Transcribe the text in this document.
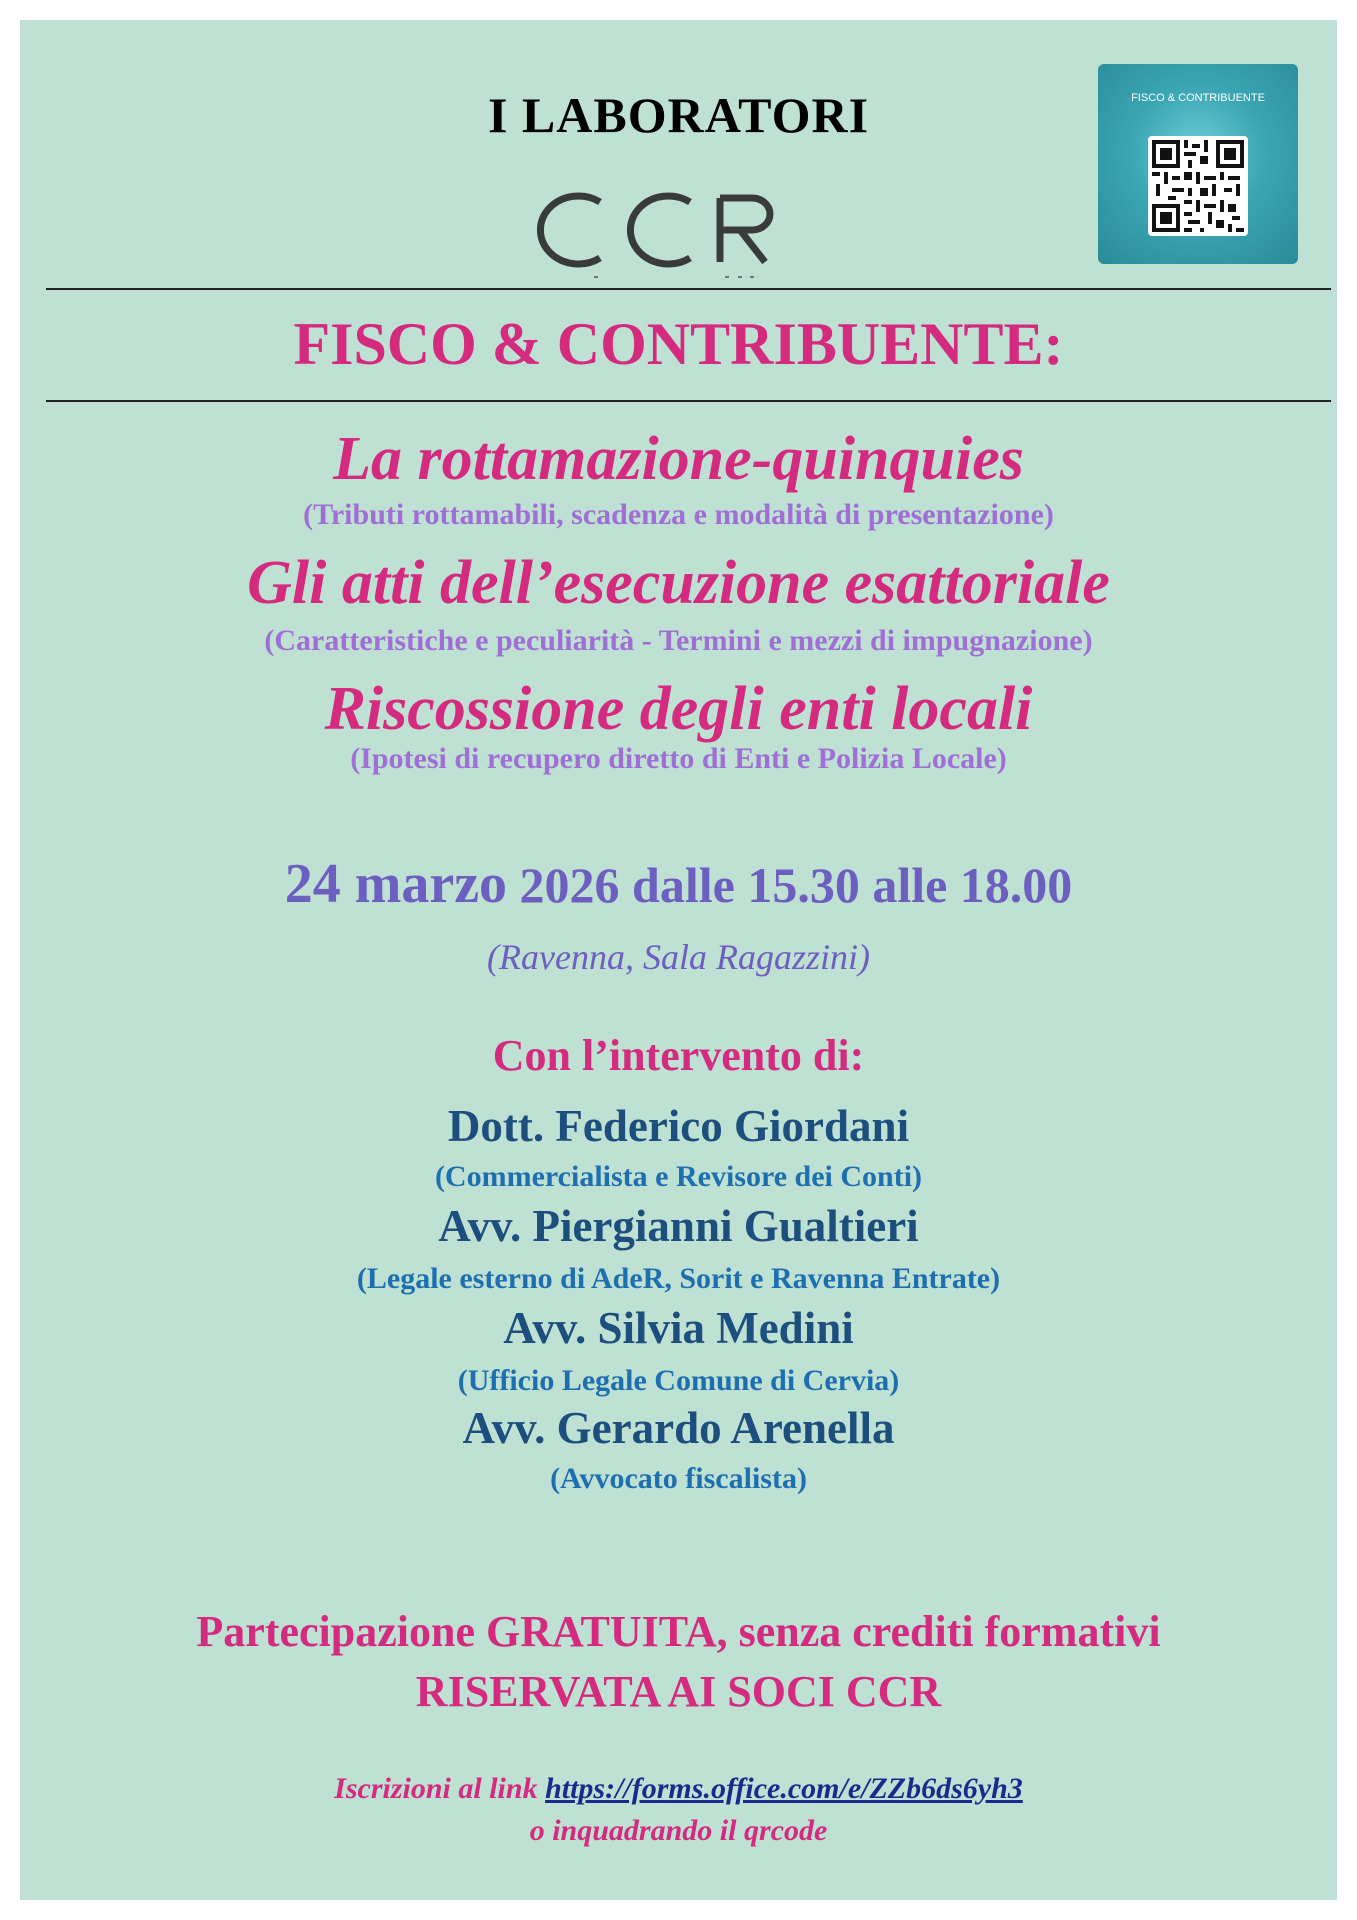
I LABORATORI
CCR
FISCO & CONTRIBUENTE
FISCO & CONTRIBUENTE:
La rottamazione-quinquies
(Tributi rottamabili, scadenza e modalità di presentazione)
Gli atti dell’esecuzione esattoriale
(Caratteristiche e peculiarità - Termini e mezzi di impugnazione)
Riscossione degli enti locali
(Ipotesi di recupero diretto di Enti e Polizia Locale)
24 marzo 2026 dalle 15.30 alle 18.00
(Ravenna, Sala Ragazzini)
Con l’intervento di:
Dott. Federico Giordani
(Commercialista e Revisore dei Conti)
Avv. Piergianni Gualtieri
(Legale esterno di AdeR, Sorit e Ravenna Entrate)
Avv. Silvia Medini
(Ufficio Legale Comune di Cervia)
Avv. Gerardo Arenella
(Avvocato fiscalista)
Partecipazione GRATUITA, senza crediti formativi
RISERVATA AI SOCI CCR
Iscrizioni al link https://forms.office.com/e/ZZb6ds6yh3
o inquadrando il qrcode
